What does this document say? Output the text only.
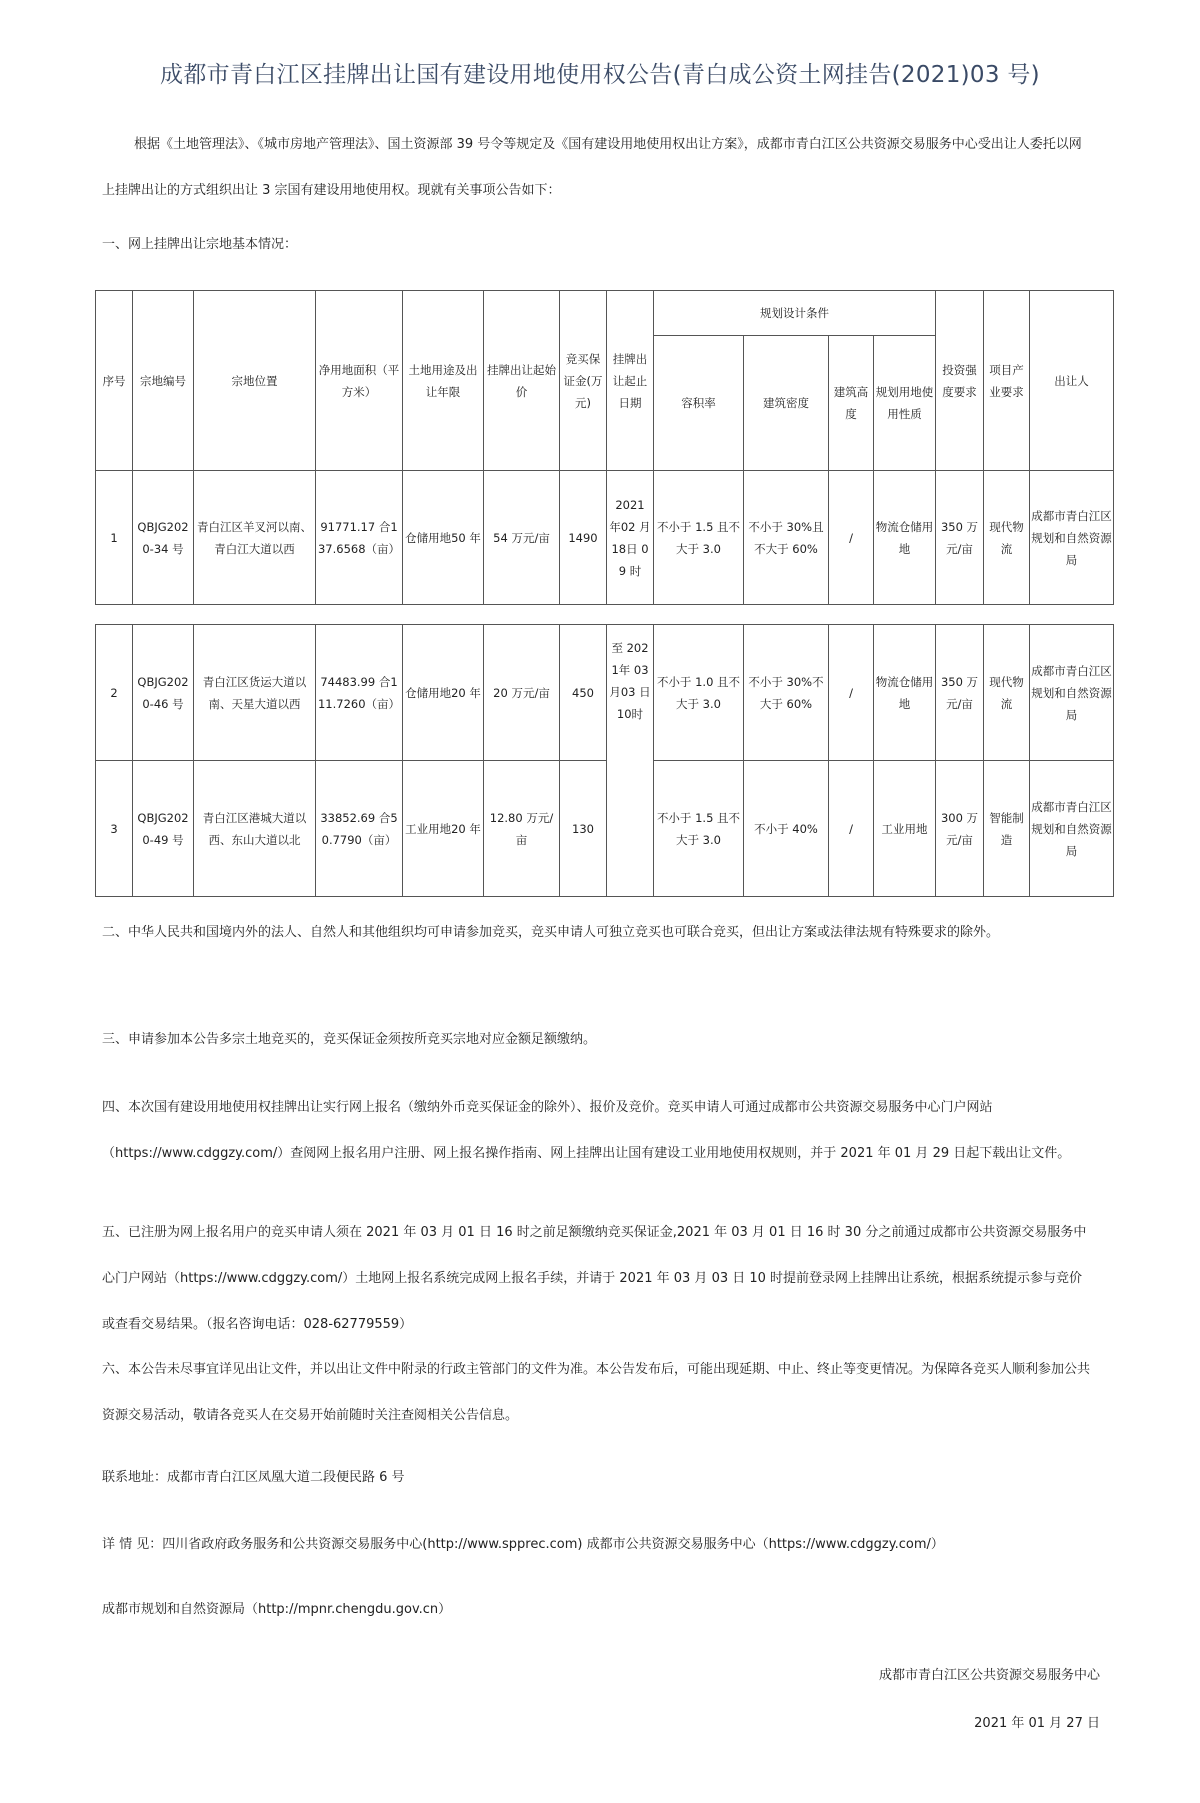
成都市青白江区挂牌出让国有建设用地使用权公告(青白成公资土网挂告(2021)03 号)

根据《土地管理法》、《城市房地产管理法》、国土资源部 39 号令等规定及《国有建设用地使用权出让方案》，成都市青白江区公共资源交易服务中心受出让人委托以网上挂牌出让的方式组织出让 3 宗国有建设用地使用权。现就有关事项公告如下：

一、网上挂牌出让宗地基本情况：
序号	宗地编号	宗地位置	净用地面积（平方米）	土地用途及出让年限	挂牌出让起始价	竞买保证金(万元)	挂牌出让起止日期	规划设计条件				投资强度要求	项目产业要求	出让人
								容积率	建筑密度	建筑高度	规划用地使用性质			
1	QBJG2020-34 号	青白江区羊叉河以南、青白江大道以西	91771.17 合137.6568（亩）	仓储用地50 年	54 万元/亩	1490	2021 年02 月 18日 09 时	不小于 1.5 且不大于 3.0	不小于 30%且不大于 60%	/	物流仓储用地	350 万元/亩	现代物流	成都市青白江区规划和自然资源局
2	QBJG2020-46 号	青白江区货运大道以南、天星大道以西	74483.99 合111.7260（亩）	仓储用地20 年	20 万元/亩	450	至 2021年 03 月03 日 10时	不小于 1.0 且不大于 3.0	不小于 30%不大于 60%	/	物流仓储用地	350 万元/亩	现代物流	成都市青白江区规划和自然资源局
3	QBJG2020-49 号	青白江区港城大道以西、东山大道以北	33852.69 合50.7790（亩）	工业用地20 年	12.80 万元/亩	130		不小于 1.5 且不大于 3.0	不小于 40%	/	工业用地	300 万元/亩	智能制造	成都市青白江区规划和自然资源局
二、中华人民共和国境内外的法人、自然人和其他组织均可申请参加竞买，竞买申请人可独立竞买也可联合竞买，但出让方案或法律法规有特殊要求的除外。
三、申请参加本公告多宗土地竞买的，竞买保证金须按所竞买宗地对应金额足额缴纳。
四、本次国有建设用地使用权挂牌出让实行网上报名（缴纳外币竞买保证金的除外）、报价及竞价。竞买申请人可通过成都市公共资源交易服务中心门户网站（https://www.cdggzy.com/）查阅网上报名用户注册、网上报名操作指南、网上挂牌出让国有建设工业用地使用权规则，并于 2021 年 01 月 29 日起下载出让文件。
五、已注册为网上报名用户的竞买申请人须在 2021 年 03 月 01 日 16 时之前足额缴纳竞买保证金,2021 年 03 月 01 日 16 时 30 分之前通过成都市公共资源交易服务中心门户网站（https://www.cdggzy.com/）土地网上报名系统完成网上报名手续，并请于 2021 年 03 月 03 日 10 时提前登录网上挂牌出让系统，根据系统提示参与竞价或查看交易结果。（报名咨询电话：028-62779559）
六、本公告未尽事宜详见出让文件，并以出让文件中附录的行政主管部门的文件为准。本公告发布后，可能出现延期、中止、终止等变更情况。为保障各竞买人顺利参加公共资源交易活动，敬请各竞买人在交易开始前随时关注查阅相关公告信息。
联系地址：成都市青白江区凤凰大道二段便民路 6 号
详 情 见：四川省政府政务服务和公共资源交易服务中心(http://www.spprec.com) 成都市公共资源交易服务中心（https://www.cdggzy.com/）
成都市规划和自然资源局（http://mpnr.chengdu.gov.cn）
成都市青白江区公共资源交易服务中心
2021 年 01 月 27 日
